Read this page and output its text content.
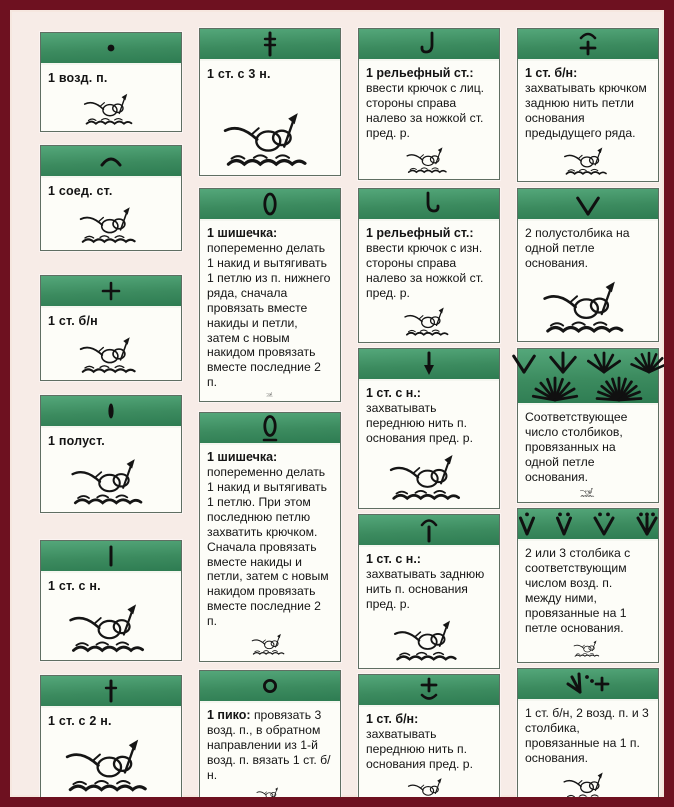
1 возд. п.

1 соед. ст.

1 ст. б/н

1 полуст.

1 ст. с н.

1 ст. с 2 н.

1 ст. с 3 н.

1 шишечка: попеременно делать 1 накид и вытягивать 1 петлю из п. нижнего ряда, сначала провязать вместе накиды и петли, затем с новым накидом провязать вместе последние 2 п.

1 шишечка: попеременно делать 1 накид и вытягивать 1 петлю. При этом последнюю петлю захватить крючком. Сначала провязать вместе накиды и петли, затем с новым накидом провязать вместе последние 2 п.

1 пико: провязать 3 возд. п., в обратном направлении из 1-й возд. п. вязать 1 ст. б/н.

1 рельефный ст.: ввести крючок с лиц. стороны справа налево за ножкой ст. пред. р.

1 рельефный ст.: ввести крючок с изн. стороны справа налево за ножкой ст. пред. р.

1 ст. с н.: захватывать переднюю нить п. основания пред. р.

1 ст. с н.: захватывать заднюю нить п. основания пред. р.

1 ст. б/н: захватывать переднюю нить п. основания пред. р.

1 ст. б/н: захватывать крючком заднюю нить петли основания предыдущего ряда.

2 полустолбика на одной петле основания.

Соответствующее число столбиков, провязанных на одной петле основания.

2 или 3 столбика с соответствующим числом возд. п. между ними, провязанные на 1 петле основания.

1 ст. б/н, 2 возд. п. и 3 столбика, провязанные на 1 п. основания.
